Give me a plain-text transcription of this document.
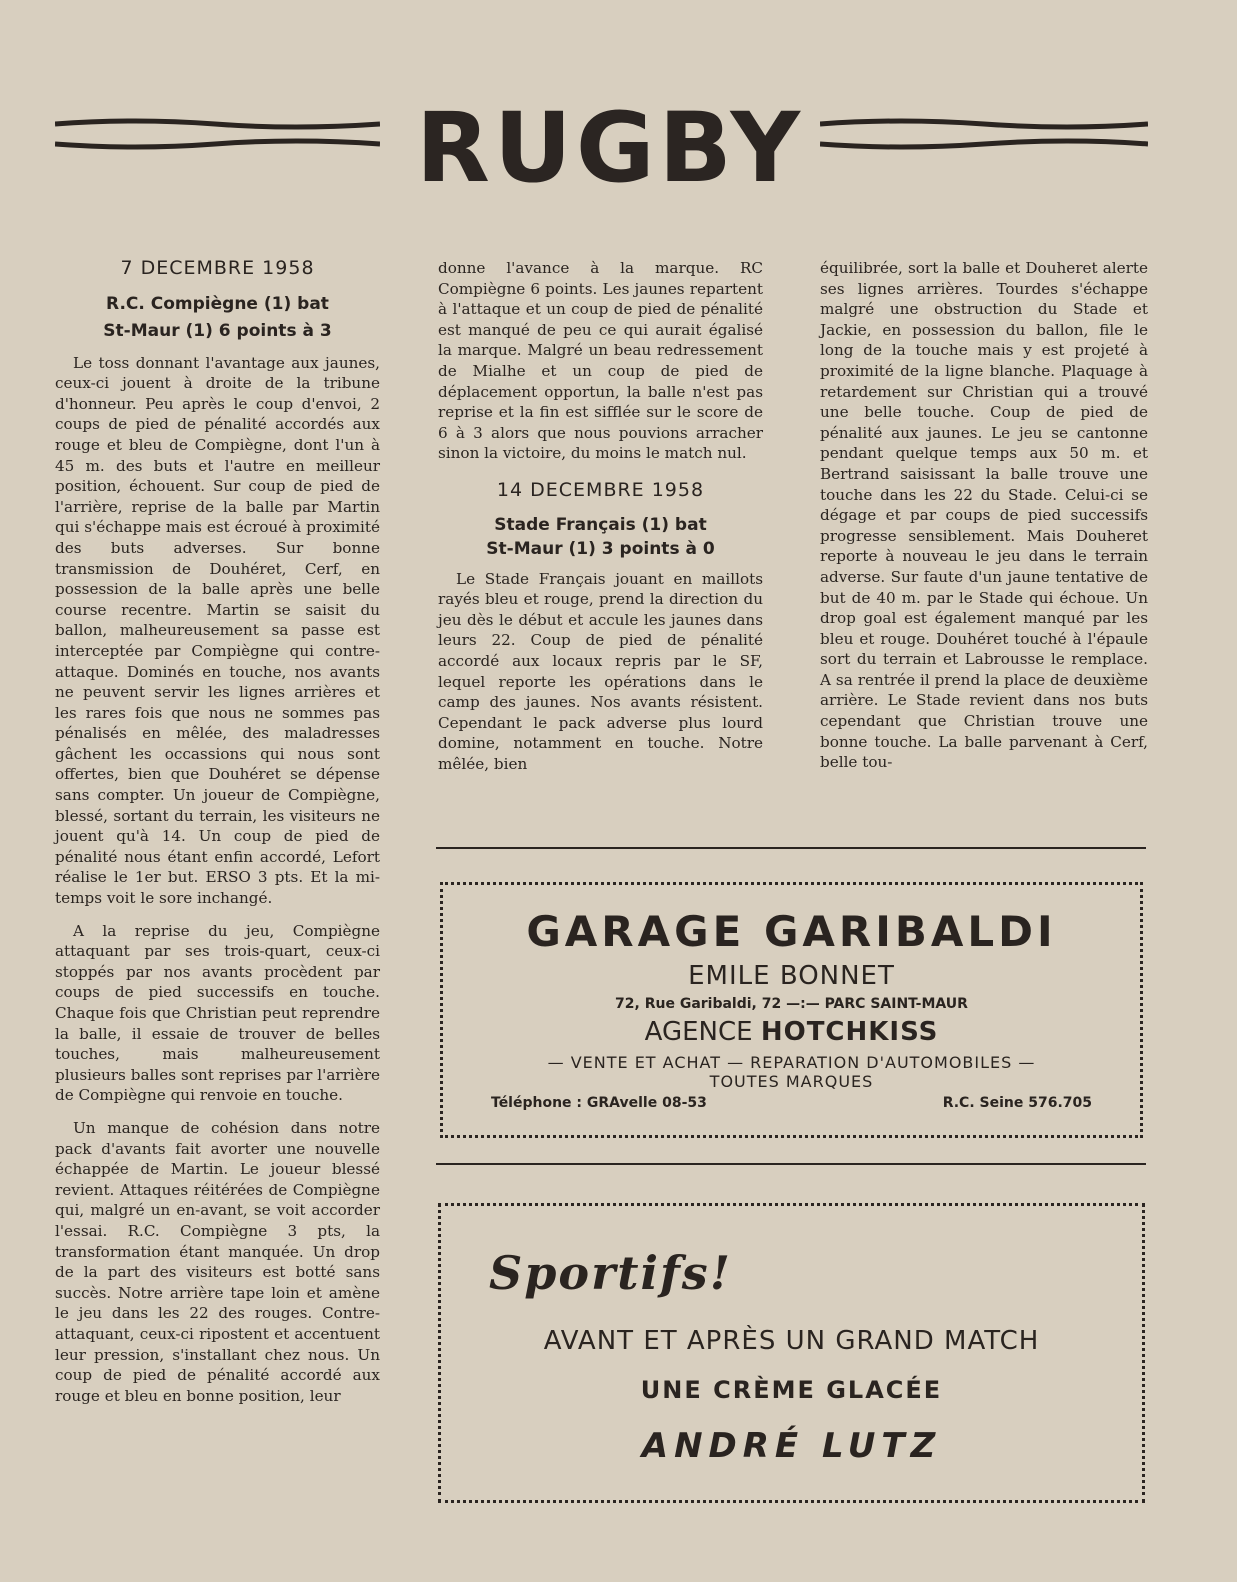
RUGBY
7 DECEMBRE 1958
R.C. Compiègne (1) bat
St-Maur (1) 6 points à 3

Le toss donnant l'avantage aux jaunes, ceux-ci jouent à droite de la tribune d'honneur. Peu après le coup d'envoi, 2 coups de pied de pénalité accordés aux rouge et bleu de Compiègne, dont l'un à 45 m. des buts et l'autre en meilleur position, échouent. Sur coup de pied de l'arrière, reprise de la balle par Martin qui s'échappe mais est écroué à proximité des buts adverses. Sur bonne transmission de Douhéret, Cerf, en possession de la balle après une belle course recentre. Martin se saisit du ballon, malheureusement sa passe est interceptée par Compiègne qui contre-attaque. Dominés en touche, nos avants ne peuvent servir les lignes arrières et les rares fois que nous ne sommes pas pénalisés en mêlée, des maladresses gâchent les occassions qui nous sont offertes, bien que Douhéret se dépense sans compter. Un joueur de Compiègne, blessé, sortant du terrain, les visiteurs ne jouent qu'à 14. Un coup de pied de pénalité nous étant enfin accordé, Lefort réalise le 1er but. ERSO 3 pts. Et la mi-temps voit le sore inchangé.

A la reprise du jeu, Compiègne attaquant par ses trois-quart, ceux-ci stoppés par nos avants procèdent par coups de pied successifs en touche. Chaque fois que Christian peut reprendre la balle, il essaie de trouver de belles touches, mais malheureusement plusieurs balles sont reprises par l'arrière de Compiègne qui renvoie en touche.

Un manque de cohésion dans notre pack d'avants fait avorter une nouvelle échappée de Martin. Le joueur blessé revient. Attaques réitérées de Compiègne qui, malgré un en-avant, se voit accorder l'essai. R.C. Compiègne 3 pts, la transformation étant manquée. Un drop de la part des visiteurs est botté sans succès. Notre arrière tape loin et amène le jeu dans les 22 des rouges. Contre-attaquant, ceux-ci ripostent et accentuent leur pression, s'installant chez nous. Un coup de pied de pénalité accordé aux rouge et bleu en bonne position, leur

donne l'avance à la marque. RC Compiègne 6 points. Les jaunes repartent à l'attaque et un coup de pied de pénalité est manqué de peu ce qui aurait égalisé la marque. Malgré un beau redressement de Mialhe et un coup de pied de déplacement opportun, la balle n'est pas reprise et la fin est sifflée sur le score de 6 à 3 alors que nous pouvions arracher sinon la victoire, du moins le match nul.

14 DECEMBRE 1958
Stade Français (1) bat
St-Maur (1) 3 points à 0

Le Stade Français jouant en maillots rayés bleu et rouge, prend la direction du jeu dès le début et accule les jaunes dans leurs 22. Coup de pied de pénalité accordé aux locaux repris par le SF, lequel reporte les opérations dans le camp des jaunes. Nos avants résistent. Cependant le pack adverse plus lourd domine, notamment en touche. Notre mêlée, bien

équilibrée, sort la balle et Douheret alerte ses lignes arrières. Tourdes s'échappe malgré une obstruction du Stade et Jackie, en possession du ballon, file le long de la touche mais y est projeté à proximité de la ligne blanche. Plaquage à retardement sur Christian qui a trouvé une belle touche. Coup de pied de pénalité aux jaunes. Le jeu se cantonne pendant quelque temps aux 50 m. et Bertrand saisissant la balle trouve une touche dans les 22 du Stade. Celui-ci se dégage et par coups de pied successifs progresse sensiblement. Mais Douheret reporte à nouveau le jeu dans le terrain adverse. Sur faute d'un jaune tentative de but de 40 m. par le Stade qui échoue. Un drop goal est également manqué par les bleu et rouge. Douhéret touché à l'épaule sort du terrain et Labrousse le remplace. A sa rentrée il prend la place de deuxième arrière. Le Stade revient dans nos buts cependant que Christian trouve une bonne touche. La balle parvenant à Cerf, belle tou-

GARAGE GARIBALDI
EMILE BONNET
72, Rue Garibaldi, 72 —:— PARC SAINT-MAUR
AGENCE HOTCHKISS
— VENTE ET ACHAT — REPARATION D'AUTOMOBILES —
TOUTES MARQUES
Téléphone : GRAvelle 08-53	R.C. Seine 576.705
Sportifs!
AVANT ET APRÈS UN GRAND MATCH
UNE CRÈME GLACÉE
ANDRÉ LUTZ
